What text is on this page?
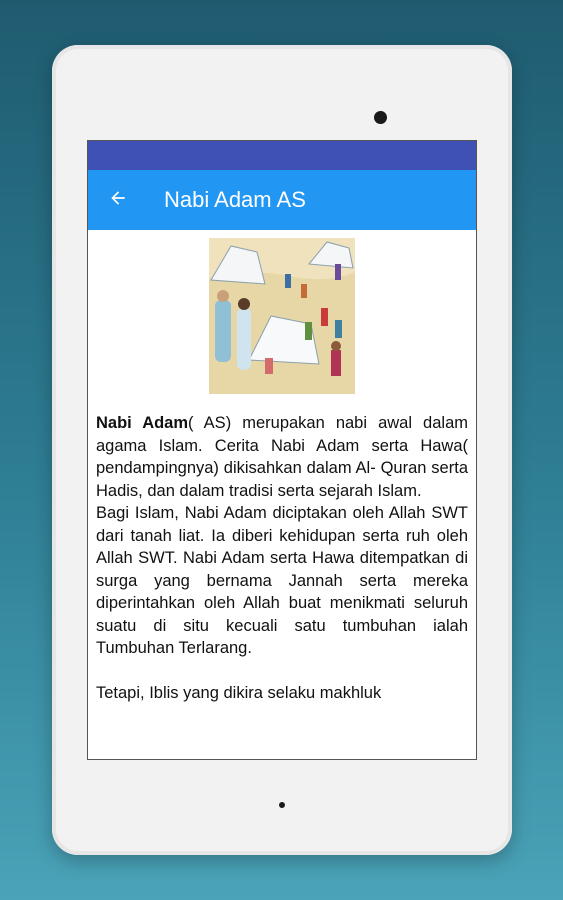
Nabi Adam AS

Nabi Adam( AS) merupakan nabi awal dalam agama Islam. Cerita Nabi Adam serta Hawa( pendampingnya) dikisahkan dalam Al- Quran serta Hadis, dan dalam tradisi serta sejarah Islam.

Bagi Islam, Nabi Adam diciptakan oleh Allah SWT dari tanah liat. Ia diberi kehidupan serta ruh oleh Allah SWT. Nabi Adam serta Hawa ditempatkan di surga yang bernama Jannah serta mereka diperintahkan oleh Allah buat menikmati seluruh suatu di situ kecuali satu tumbuhan ialah Tumbuhan Terlarang.

Tetapi, Iblis yang dikira selaku makhluk
